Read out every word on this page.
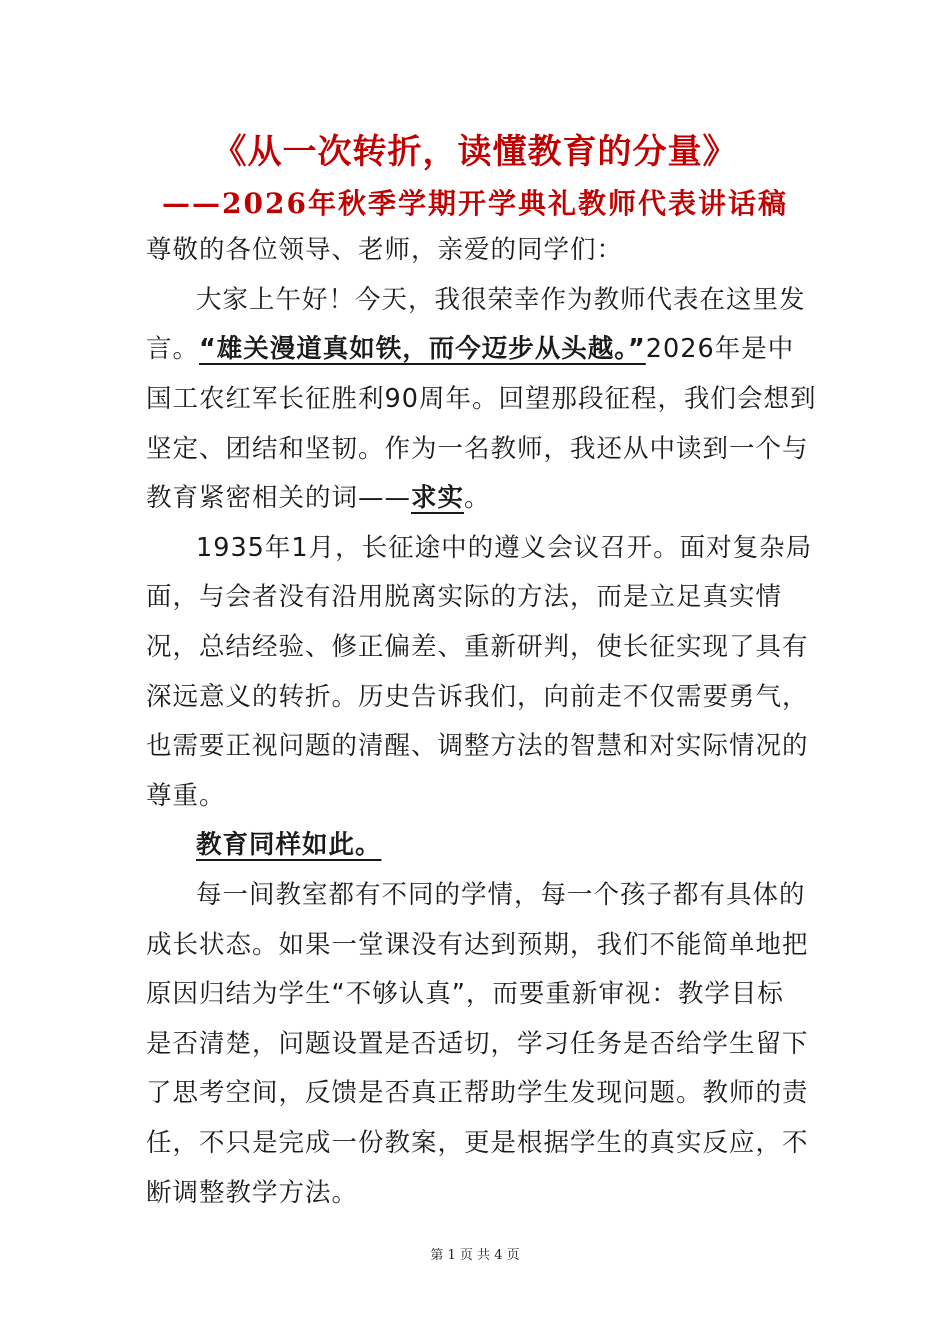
《从一次转折，读懂教育的分量》
——2026年秋季学期开学典礼教师代表讲话稿
尊敬的各位领导、老师，亲爱的同学们：
大家上午好！今天，我很荣幸作为教师代表在这里发
言。“雄关漫道真如铁，而今迈步从头越。”2026年是中
国工农红军长征胜利90周年。回望那段征程，我们会想到
坚定、团结和坚韧。作为一名教师，我还从中读到一个与
教育紧密相关的词——求实。
1935年1月，长征途中的遵义会议召开。面对复杂局
面，与会者没有沿用脱离实际的方法，而是立足真实情
况，总结经验、修正偏差、重新研判，使长征实现了具有
深远意义的转折。历史告诉我们，向前走不仅需要勇气，
也需要正视问题的清醒、调整方法的智慧和对实际情况的
尊重。
教育同样如此。
每一间教室都有不同的学情，每一个孩子都有具体的
成长状态。如果一堂课没有达到预期，我们不能简单地把
原因归结为学生“不够认真”，而要重新审视：教学目标
是否清楚，问题设置是否适切，学习任务是否给学生留下
了思考空间，反馈是否真正帮助学生发现问题。教师的责
任，不只是完成一份教案，更是根据学生的真实反应，不
断调整教学方法。
第 1 页 共 4 页
